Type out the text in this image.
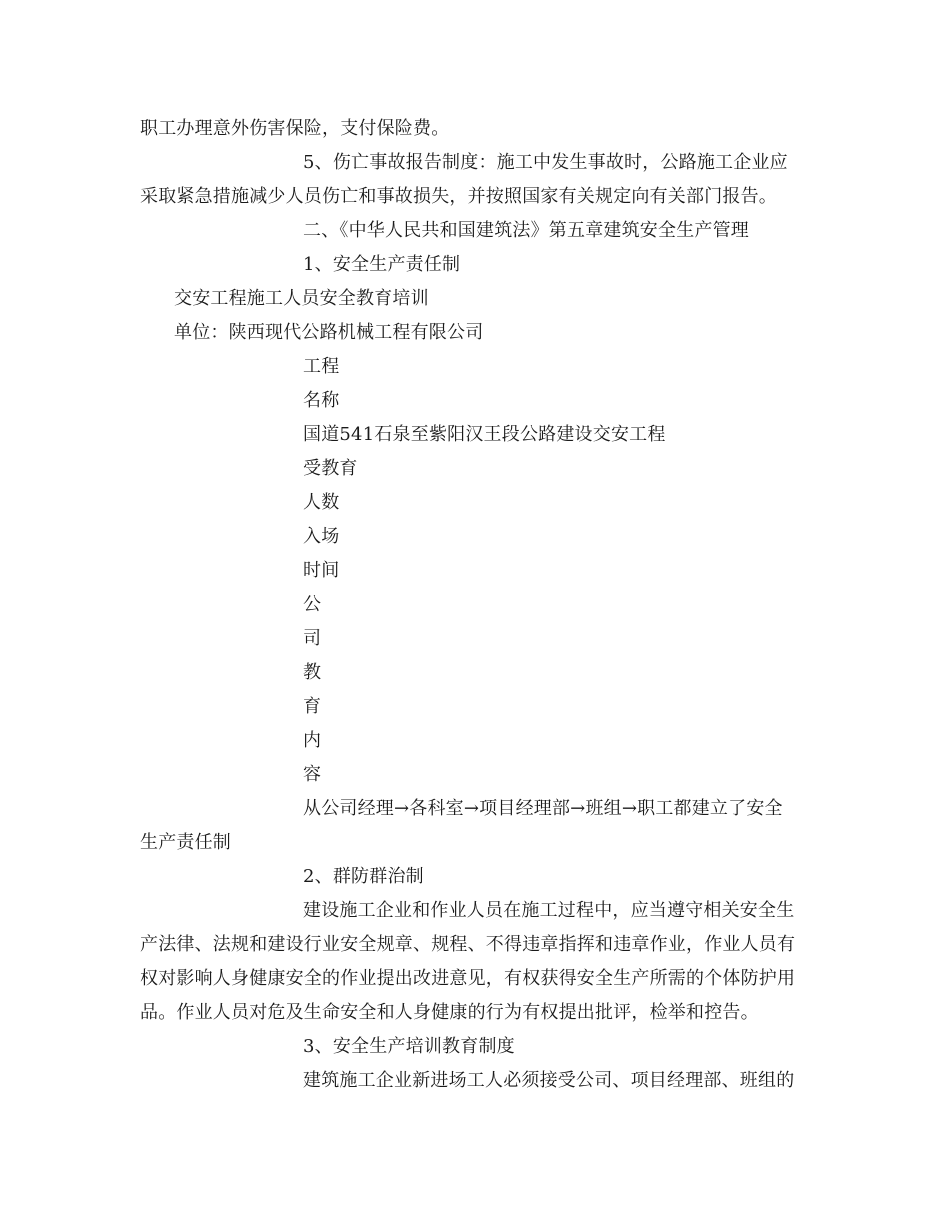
职工办理意外伤害保险，支付保险费。
5、伤亡事故报告制度：施工中发生事故时，公路施工企业应
采取紧急措施减少人员伤亡和事故损失，并按照国家有关规定向有关部门报告。
二、《中华人民共和国建筑法》第五章建筑安全生产管理
1、安全生产责任制
交安工程施工人员安全教育培训
单位：陕西现代公路机械工程有限公司
工程
名称
国道541石泉至紫阳汉王段公路建设交安工程
受教育
人数
入场
时间
公
司
教
育
内
容
从公司经理→各科室→项目经理部→班组→职工都建立了安全
生产责任制
2、群防群治制
建设施工企业和作业人员在施工过程中，应当遵守相关安全生
产法律、法规和建设行业安全规章、规程、不得违章指挥和违章作业，作业人员有
权对影响人身健康安全的作业提出改进意见，有权获得安全生产所需的个体防护用
品。作业人员对危及生命安全和人身健康的行为有权提出批评，检举和控告。
3、安全生产培训教育制度
建筑施工企业新进场工人必须接受公司、项目经理部、班组的
